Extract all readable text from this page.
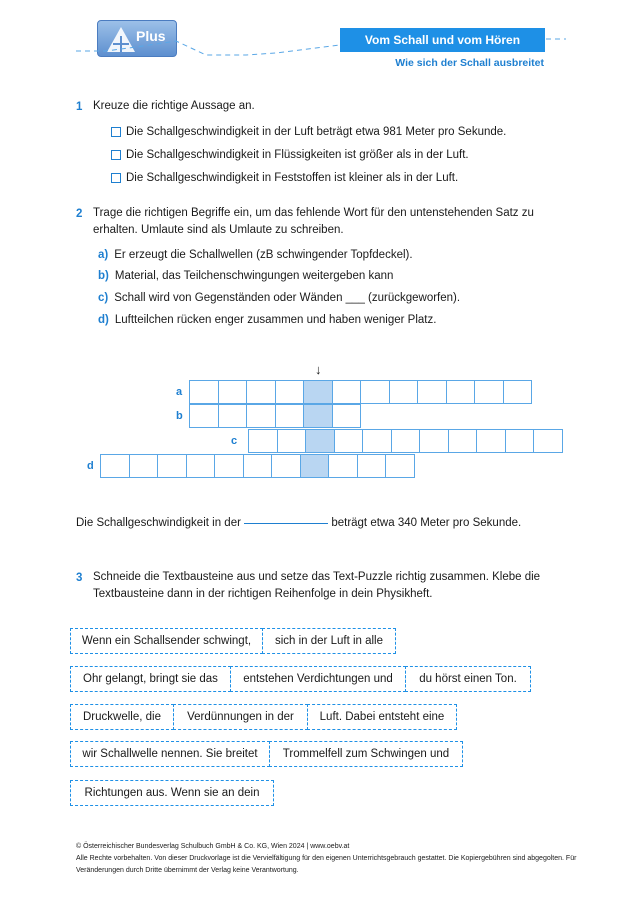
Plus	Vom Schall und vom Hören
Wie sich der Schall ausbreitet
1 Kreuze die richtige Aussage an.
Die Schallgeschwindigkeit in der Luft beträgt etwa 981 Meter pro Sekunde.
Die Schallgeschwindigkeit in Flüssigkeiten ist größer als in der Luft.
Die Schallgeschwindigkeit in Feststoffen ist kleiner als in der Luft.
2 Trage die richtigen Begriffe ein, um das fehlende Wort für den untenstehenden Satz zu
erhalten. Umlaute sind als Umlaute zu schreiben.
a) Er erzeugt die Schallwellen (zB schwingender Topfdeckel).
b) Material, das Teilchenschwingungen weitergeben kann
c) Schall wird von Gegenständen oder Wänden ___ (zurückgeworfen).
d) Luftteilchen rücken enger zusammen und haben weniger Platz.
↓
a
b
c
d
Die Schallgeschwindigkeit in der	beträgt etwa 340 Meter pro Sekunde.
3 Schneide die Textbausteine aus und setze das Text-Puzzle richtig zusammen. Klebe die
Textbausteine dann in der richtigen Reihenfolge in dein Physikheft.
Wenn ein Schallsender schwingt,	sich in der Luft in alle
Ohr gelangt, bringt sie das	entstehen Verdichtungen und	du hörst einen Ton.
Druckwelle, die	Verdünnungen in der	Luft. Dabei entsteht eine
wir Schallwelle nennen. Sie breitet	Trommelfell zum Schwingen und
Richtungen aus. Wenn sie an dein
© Österreichischer Bundesverlag Schulbuch GmbH & Co. KG, Wien 2024 | www.oebv.at
Alle Rechte vorbehalten. Von dieser Druckvorlage ist die Vervielfältigung für den eigenen Unterrichtsgebrauch gestattet. Die Kopiergebühren sind abgegolten. Für
Veränderungen durch Dritte übernimmt der Verlag keine Verantwortung.
